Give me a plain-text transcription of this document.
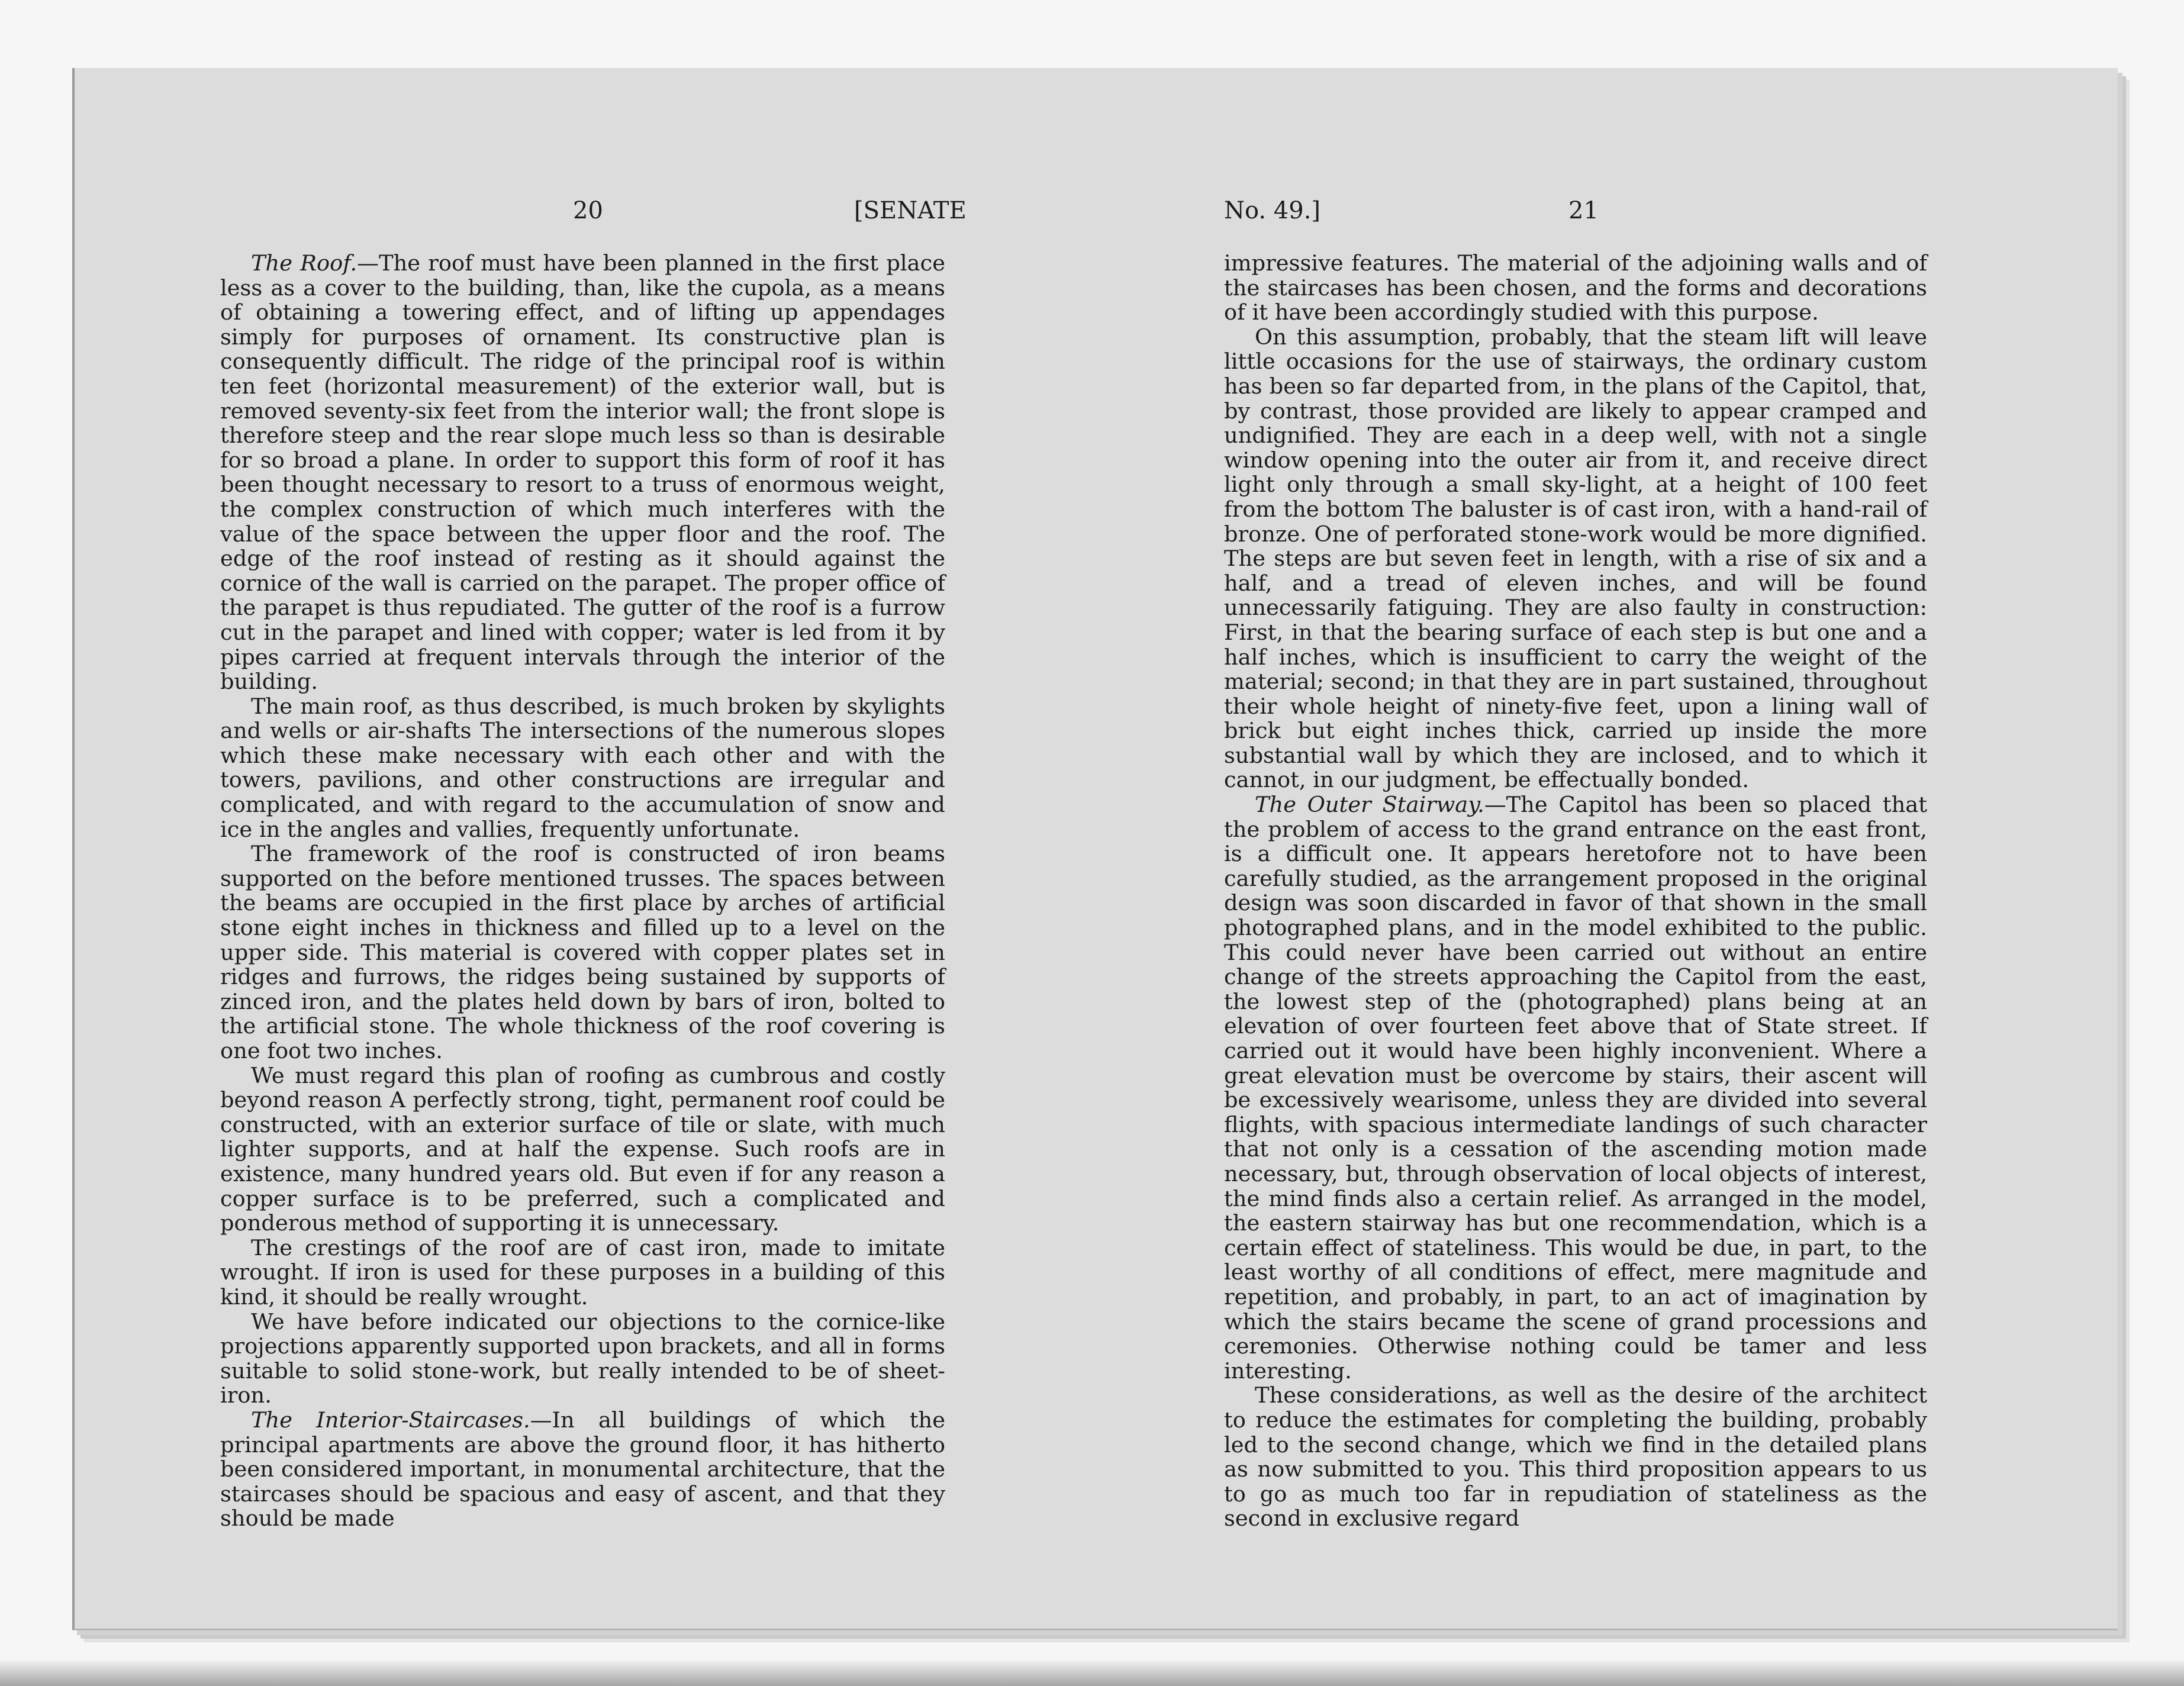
20	[SENATE

The Roof.—The roof must have been planned in the first place less as a cover to the building, than, like the cupola, as a means of obtaining a towering effect, and of lifting up appendages simply for purposes of ornament. Its constructive plan is consequently difficult. The ridge of the principal roof is within ten feet (horizontal measurement) of the exterior wall, but is removed seventy-six feet from the interior wall; the front slope is therefore steep and the rear slope much less so than is desirable for so broad a plane. In order to support this form of roof it has been thought necessary to resort to a truss of enormous weight, the complex construction of which much interferes with the value of the space between the upper floor and the roof. The edge of the roof instead of resting as it should against the cornice of the wall is carried on the parapet. The proper office of the parapet is thus repudiated. The gutter of the roof is a furrow cut in the parapet and lined with copper; water is led from it by pipes carried at frequent intervals through the interior of the building.

The main roof, as thus described, is much broken by skylights and wells or air-shafts The intersections of the numerous slopes which these make necessary with each other and with the towers, pavilions, and other constructions are irregular and complicated, and with regard to the accumulation of snow and ice in the angles and vallies, frequently unfortunate.

The framework of the roof is constructed of iron beams supported on the before mentioned trusses. The spaces between the beams are occupied in the first place by arches of artificial stone eight inches in thickness and filled up to a level on the upper side. This material is covered with copper plates set in ridges and furrows, the ridges being sustained by supports of zinced iron, and the plates held down by bars of iron, bolted to the artificial stone. The whole thickness of the roof covering is one foot two inches.

We must regard this plan of roofing as cumbrous and costly beyond reason A perfectly strong, tight, permanent roof could be constructed, with an exterior surface of tile or slate, with much lighter supports, and at half the expense. Such roofs are in existence, many hundred years old. But even if for any reason a copper surface is to be preferred, such a complicated and ponderous method of supporting it is unnecessary.

The crestings of the roof are of cast iron, made to imitate wrought. If iron is used for these purposes in a building of this kind, it should be really wrought.

We have before indicated our objections to the cornice-like projections apparently supported upon brackets, and all in forms suitable to solid stone-work, but really intended to be of sheet-iron.

The Interior-Staircases.—In all buildings of which the principal apartments are above the ground floor, it has hitherto been considered important, in monumental architecture, that the staircases should be spacious and easy of ascent, and that they should be made

No. 49.]	21

impressive features. The material of the adjoining walls and of the staircases has been chosen, and the forms and decorations of it have been accordingly studied with this purpose.

On this assumption, probably, that the steam lift will leave little occasions for the use of stairways, the ordinary custom has been so far departed from, in the plans of the Capitol, that, by contrast, those provided are likely to appear cramped and undignified. They are each in a deep well, with not a single window opening into the outer air from it, and receive direct light only through a small sky-light, at a height of 100 feet from the bottom The baluster is of cast iron, with a hand-rail of bronze. One of perforated stone-work would be more dignified. The steps are but seven feet in length, with a rise of six and a half, and a tread of eleven inches, and will be found unnecessarily fatiguing. They are also faulty in construction: First, in that the bearing surface of each step is but one and a half inches, which is insufficient to carry the weight of the material; second; in that they are in part sustained, throughout their whole height of ninety-five feet, upon a lining wall of brick but eight inches thick, carried up inside the more substantial wall by which they are inclosed, and to which it cannot, in our judgment, be effectually bonded.

The Outer Stairway.—The Capitol has been so placed that the problem of access to the grand entrance on the east front, is a difficult one. It appears heretofore not to have been carefully studied, as the arrangement proposed in the original design was soon discarded in favor of that shown in the small photographed plans, and in the model exhibited to the public. This could never have been carried out without an entire change of the streets approaching the Capitol from the east, the lowest step of the (photographed) plans being at an elevation of over fourteen feet above that of State street. If carried out it would have been highly inconvenient. Where a great elevation must be overcome by stairs, their ascent will be excessively wearisome, unless they are divided into several flights, with spacious intermediate landings of such character that not only is a cessation of the ascending motion made necessary, but, through observation of local objects of interest, the mind finds also a certain relief. As arranged in the model, the eastern stairway has but one recommendation, which is a certain effect of stateliness. This would be due, in part, to the least worthy of all conditions of effect, mere magnitude and repetition, and probably, in part, to an act of imagination by which the stairs became the scene of grand processions and ceremonies. Otherwise nothing could be tamer and less interesting.

These considerations, as well as the desire of the architect to reduce the estimates for completing the building, probably led to the second change, which we find in the detailed plans as now submitted to you. This third proposition appears to us to go as much too far in repudiation of stateliness as the second in exclusive regard
